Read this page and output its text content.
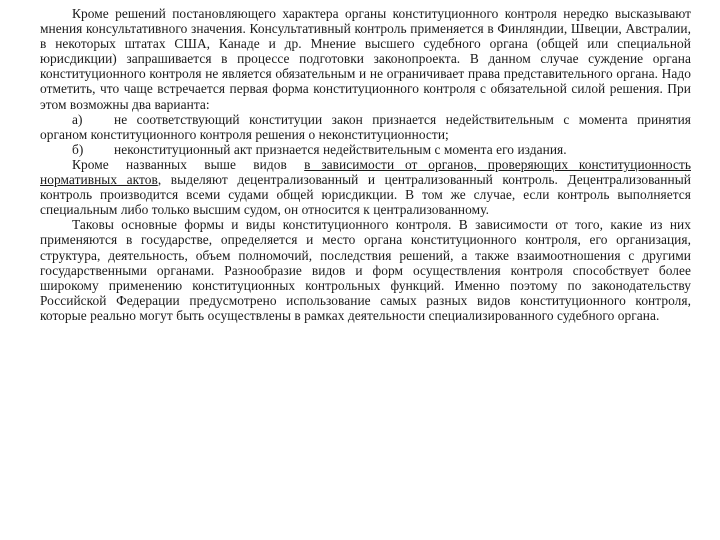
Кроме решений постановляющего характера органы конституционного контроля нередко высказывают мнения консультативного значения. Консультативный контроль применяется в Финляндии, Швеции, Австралии, в некоторых штатах США, Канаде и др. Мнение высшего судебного органа (общей или специальной юрисдикции) запрашивается в процессе подготовки законопроекта. В данном случае суждение органа конституционного контроля не является обязательным и не ограничивает права представительного органа. Надо отметить, что чаще встречается первая форма конституционного контроля с обязательной силой решения. При этом возможны два варианта:

а) не соответствующий конституции закон признается недействительным с момента принятия органом конституционного контроля решения о неконституционности;

б) неконституционный акт признается недействительным с момента его издания.

Кроме названных выше видов в зависимости от органов, проверяющих конституционность нормативных актов, выделяют децентрализованный и централизованный контроль. Децентрализованный контроль производится всеми судами общей юрисдикции. В том же случае, если контроль выполняется специальным либо только высшим судом, он относится к централизованному.

Таковы основные формы и виды конституционного контроля. В зависимости от того, какие из них применяются в государстве, определяется и место органа конституционного контроля, его организация, структура, деятельность, объем полномочий, последствия решений, а также взаимоотношения с другими государственными органами. Разнообразие видов и форм осуществления контроля способствует более широкому применению конституционных контрольных функций. Именно поэтому по законодательству Российской Федерации предусмотрено использование самых разных видов конституционного контроля, которые реально могут быть осуществлены в рамках деятельности специализированного судебного органа.
